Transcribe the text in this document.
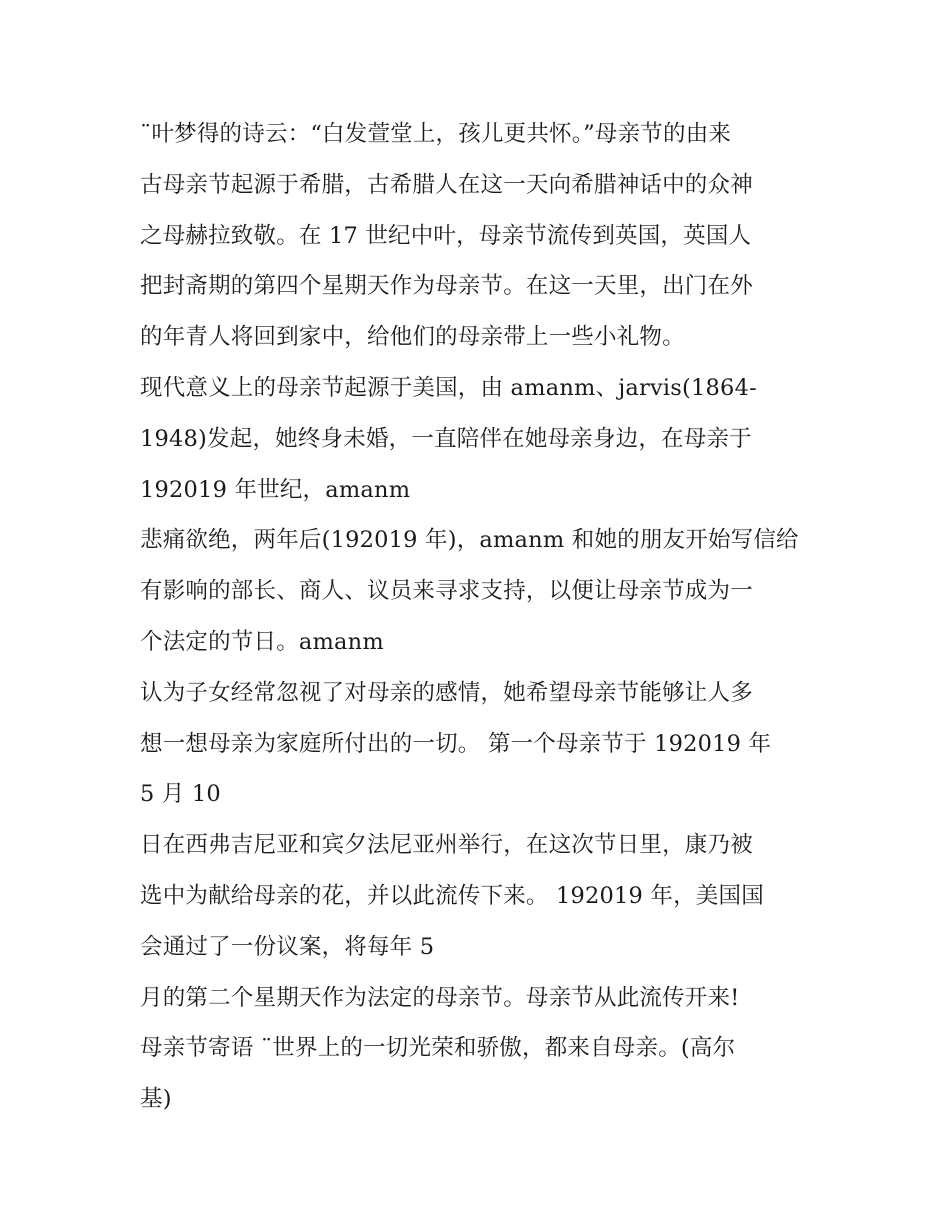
¨叶梦得的诗云：“白发萱堂上，孩儿更共怀。”母亲节的由来
古母亲节起源于希腊，古希腊人在这一天向希腊神话中的众神
之母赫拉致敬。在 17 世纪中叶，母亲节流传到英国，英国人
把封斋期的第四个星期天作为母亲节。在这一天里，出门在外
的年青人将回到家中，给他们的母亲带上一些小礼物。
现代意义上的母亲节起源于美国，由 amanm、jarvis(1864-
1948)发起，她终身未婚，一直陪伴在她母亲身边，在母亲于
192019 年世纪，amanm
悲痛欲绝，两年后(192019 年)，amanm 和她的朋友开始写信给
有影响的部长、商人、议员来寻求支持，以便让母亲节成为一
个法定的节日。amanm
认为子女经常忽视了对母亲的感情，她希望母亲节能够让人多
想一想母亲为家庭所付出的一切。 第一个母亲节于 192019 年
5 月 10
日在西弗吉尼亚和宾夕法尼亚州举行，在这次节日里，康乃被
选中为献给母亲的花，并以此流传下来。 192019 年，美国国
会通过了一份议案，将每年 5
月的第二个星期天作为法定的母亲节。母亲节从此流传开来!
母亲节寄语 ¨世界上的一切光荣和骄傲，都来自母亲。(高尔
基)
